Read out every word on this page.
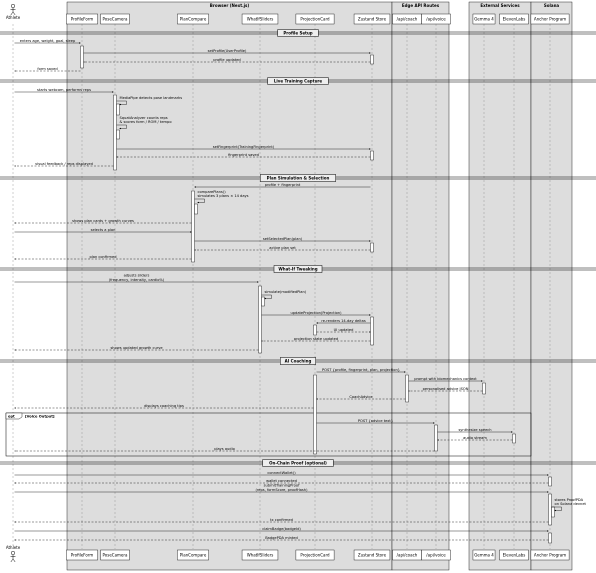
Browser (Next.js)	Edge API Routes	External Services	Solana
Profile Setup
Live Training Capture
Plan Simulation & Selection
What-If Tweaking
AI Coaching
On-Chain Proof (optional)
opt	[Voice Output]
enters age, weight, goal, sleep
setProfile(UserProfile)
profile updated
form saved
starts webcam, performs reps
MediaPipe detects pose landmarks
SquatAnalyzer counts reps
& scores form / ROM / tempo
setFingerprint(TrainingFingerprint)
fingerprint saved
visual feedback / reps displayed
profile + fingerprint
comparePlans()
simulates 3 plans × 14 days
shows plan cards + growth curves
selects a plan
setSelectedPlan(plan)
active plan set
plan confirmed
adjusts sliders
(frequency, intensity, cardio%)
simulate(modifiedPlan)
updateProjection(Projection)
re-renders 14-day deltas
UI updated
projection state updated
shows updated growth curve
POST {profile, fingerprint, plan, projection}
prompt with biomechanics context
personalised advice JSON
CoachAdvice
displays coaching tips
POST {advice text}
synthesize speech
audio stream
plays audio
connectWallet()
wallet connected
submitTrainingProof
(reps, formScore, proofHash)
stores ProofPDA
on Solana devnet
tx confirmed
claimBadge(badgeId)
BadgePDA minted
Athlete
Athlete
ProfileForm
ProfileForm
PoseCamera
PoseCamera
PlanCompare
PlanCompare
WhatIfSliders
WhatIfSliders
ProjectionCard
ProjectionCard
Zustand Store
Zustand Store
/api/coach
/api/coach
/api/voice
/api/voice
Gemma 4
Gemma 4
ElevenLabs
ElevenLabs
Anchor Program
Anchor Program
